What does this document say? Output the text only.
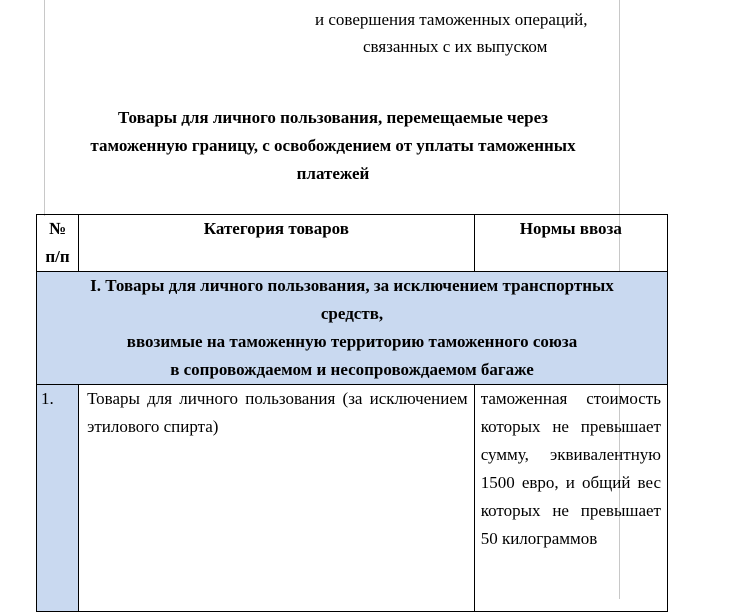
и совершения таможенных операций,
связанных с их выпуском
Товары для личного пользования, перемещаемые через
таможенную границу, с освобождением от уплаты таможенных
платежей
№
п/п	Категория товаров	Нормы ввоза

I. Товары для личного пользования, за исключением транспортных
средств,
ввозимые на таможенную территорию таможенного союза
в сопровождаемом и несопровождаемом багаже		

1.	Товары для личного пользования (за исключением этилового спирта)	таможенная стоимость которых не превышает сумму, эквивалентную 1500 евро, и общий вес которых не превышает 50 килограммов
